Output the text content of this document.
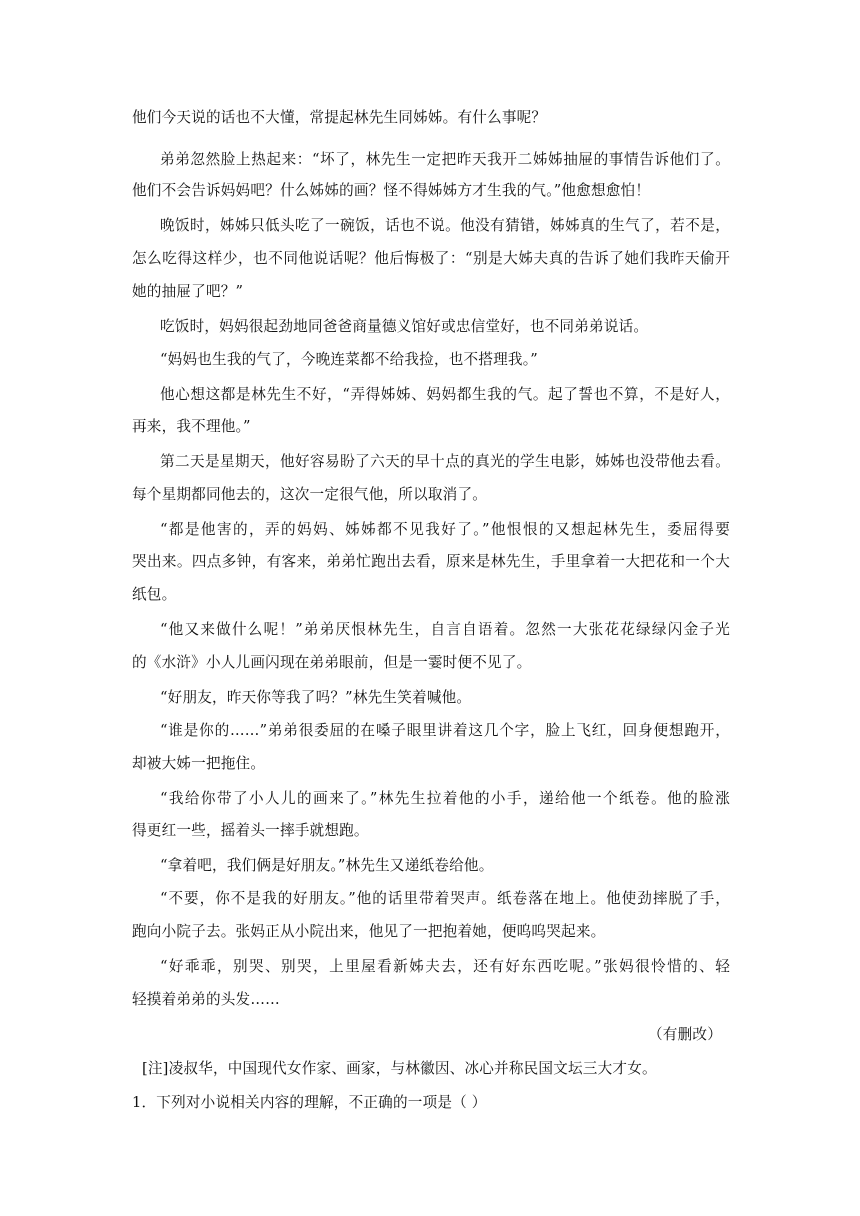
他们今天说的话也不大懂，常提起林先生同姊姊。有什么事呢？
弟弟忽然脸上热起来：“坏了，林先生一定把昨天我开二姊姊抽屉的事情告诉他们了。
他们不会告诉妈妈吧？什么姊姊的画？怪不得姊姊方才生我的气。”他愈想愈怕！
晚饭时，姊姊只低头吃了一碗饭，话也不说。他没有猜错，姊姊真的生气了，若不是，
怎么吃得这样少，也不同他说话呢？他后悔极了：“别是大姊夫真的告诉了她们我昨天偷开
她的抽屉了吧？”
吃饭时，妈妈很起劲地同爸爸商量德义馆好或忠信堂好，也不同弟弟说话。
“妈妈也生我的气了，今晚连菜都不给我捡，也不搭理我。”
他心想这都是林先生不好，“弄得姊姊、妈妈都生我的气。起了誓也不算，不是好人，
再来，我不理他。”
第二天是星期天，他好容易盼了六天的早十点的真光的学生电影，姊姊也没带他去看。
每个星期都同他去的，这次一定很气他，所以取消了。
“都是他害的，弄的妈妈、姊姊都不见我好了。”他恨恨的又想起林先生，委屈得要
哭出来。四点多钟，有客来，弟弟忙跑出去看，原来是林先生，手里拿着一大把花和一个大
纸包。
“他又来做什么呢！”弟弟厌恨林先生，自言自语着。忽然一大张花花绿绿闪金子光
的《水浒》小人儿画闪现在弟弟眼前，但是一霎时便不见了。
“好朋友，昨天你等我了吗？”林先生笑着喊他。
“谁是你的……”弟弟很委屈的在嗓子眼里讲着这几个字，脸上飞红，回身便想跑开，
却被大姊一把拖住。
“我给你带了小人儿的画来了。”林先生拉着他的小手，递给他一个纸卷。他的脸涨
得更红一些，摇着头一摔手就想跑。
“拿着吧，我们俩是好朋友。”林先生又递纸卷给他。
“不要，你不是我的好朋友。”他的话里带着哭声。纸卷落在地上。他使劲摔脱了手，
跑向小院子去。张妈正从小院出来，他见了一把抱着她，便呜呜哭起来。
“好乖乖，别哭、别哭，上里屋看新姊夫去，还有好东西吃呢。”张妈很怜惜的、轻
轻摸着弟弟的头发……
（有删改）
[注]凌叔华，中国现代女作家、画家，与林徽因、冰心并称民国文坛三大才女。
1．下列对小说相关内容的理解，不正确的一项是（ ）
